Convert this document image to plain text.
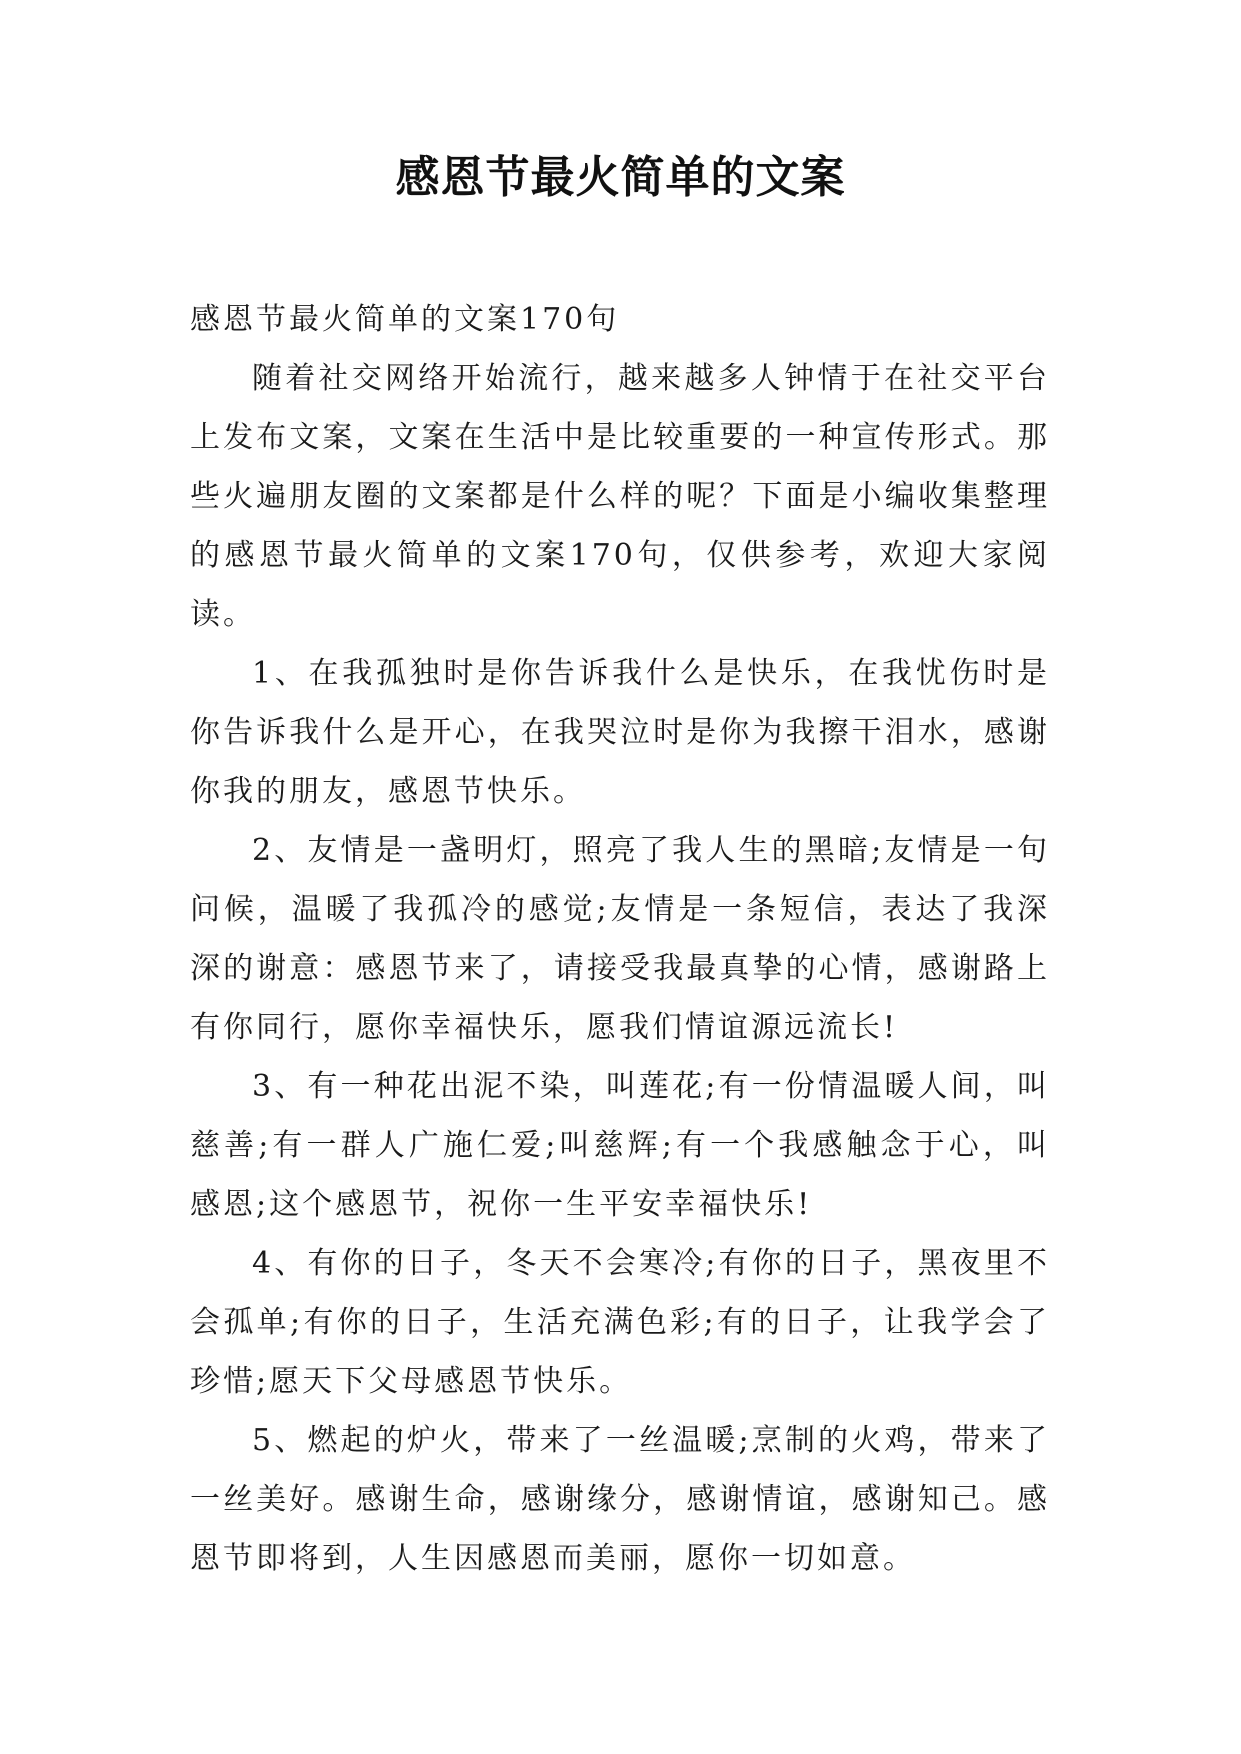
感恩节最火简单的文案

感恩节最火简单的文案170句

随着社交网络开始流行，越来越多人钟情于在社交平台上发布文案，文案在生活中是比较重要的一种宣传形式。那些火遍朋友圈的文案都是什么样的呢？下面是小编收集整理的感恩节最火简单的文案170句，仅供参考，欢迎大家阅读。

1、在我孤独时是你告诉我什么是快乐，在我忧伤时是你告诉我什么是开心，在我哭泣时是你为我擦干泪水，感谢你我的朋友，感恩节快乐。

2、友情是一盏明灯，照亮了我人生的黑暗;友情是一句问候，温暖了我孤冷的感觉;友情是一条短信，表达了我深深的谢意：感恩节来了，请接受我最真挚的心情，感谢路上有你同行，愿你幸福快乐，愿我们情谊源远流长!

3、有一种花出泥不染，叫莲花;有一份情温暖人间，叫慈善;有一群人广施仁爱;叫慈辉;有一个我感触念于心，叫感恩;这个感恩节，祝你一生平安幸福快乐!

4、有你的日子，冬天不会寒冷;有你的日子，黑夜里不会孤单;有你的日子，生活充满色彩;有的日子，让我学会了珍惜;愿天下父母感恩节快乐。

5、燃起的炉火，带来了一丝温暖;烹制的火鸡，带来了一丝美好。感谢生命，感谢缘分，感谢情谊，感谢知己。感恩节即将到，人生因感恩而美丽，愿你一切如意。
